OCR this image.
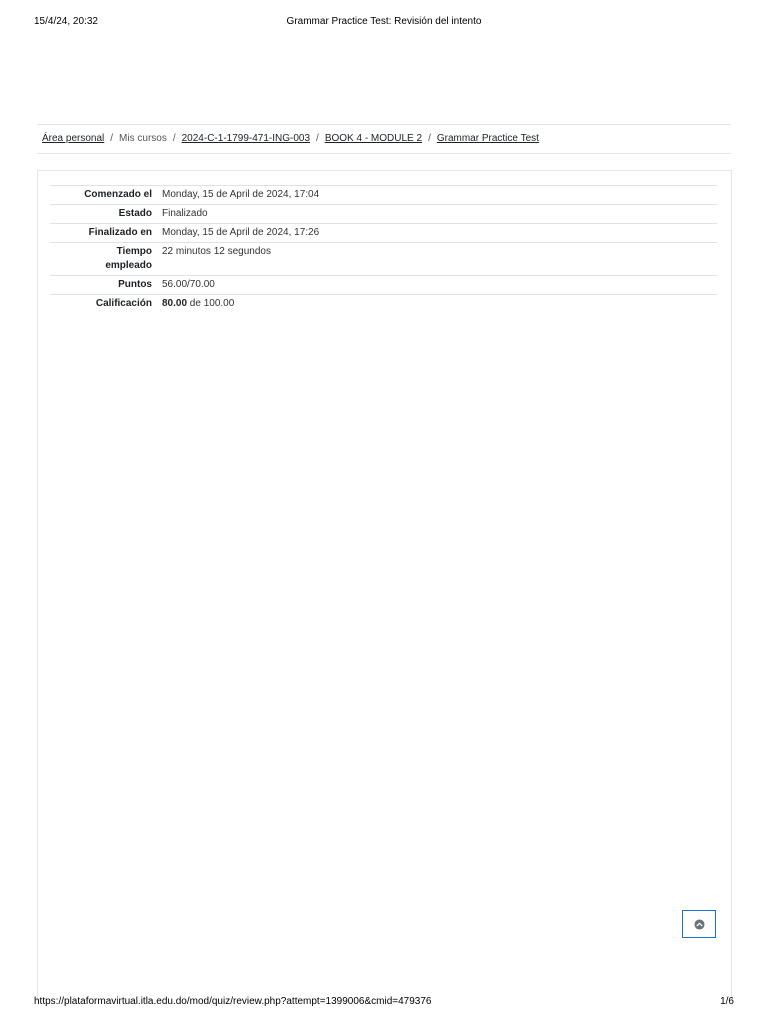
15/4/24, 20:32	Grammar Practice Test: Revisión del intento
Área personal / Mis cursos / 2024-C-1-1799-471-ING-003 / BOOK 4 - MODULE 2 / Grammar Practice Test
Comenzado el	Monday, 15 de April de 2024, 17:04
Estado	Finalizado
Finalizado en	Monday, 15 de April de 2024, 17:26
Tiempo
empleado	22 minutos 12 segundos
Puntos	56.00/70.00
Calificación	80.00 de 100.00
https://plataformavirtual.itla.edu.do/mod/quiz/review.php?attempt=1399006&cmid=479376	1/6
